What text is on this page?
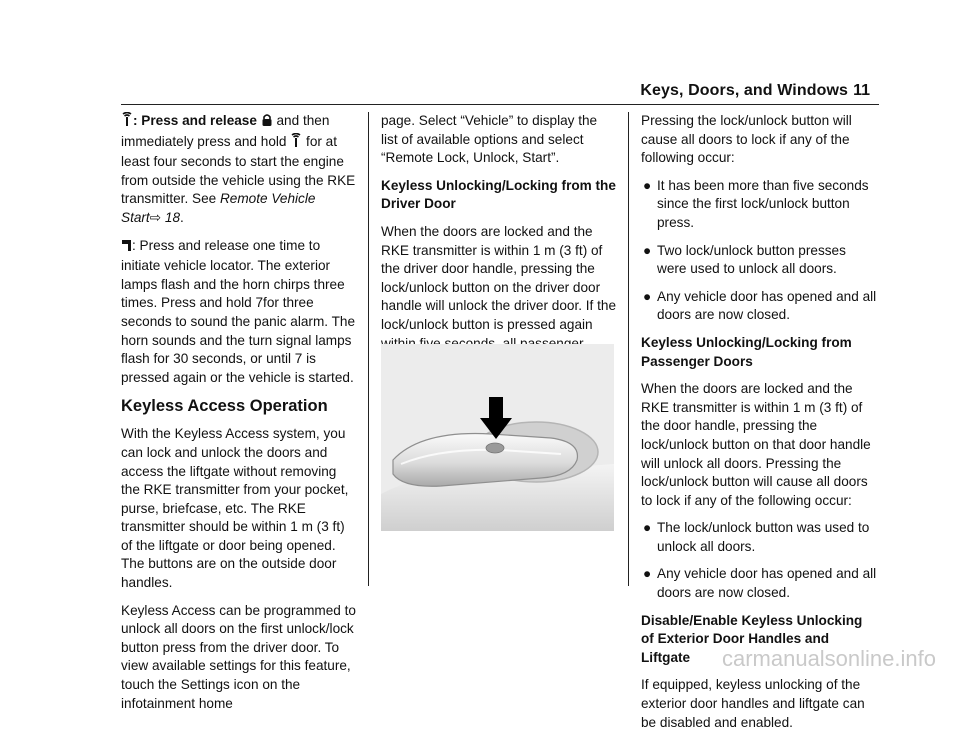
Keys, Doors, and Windows 11

: Press and release  and then immediately press and hold  for at least four seconds to start the engine from outside the vehicle using the RKE transmitter. See Remote Vehicle Start⇨ 18.

: Press and release one time to initiate vehicle locator. The exterior lamps flash and the horn chirps three times. Press and hold 7for three seconds to sound the panic alarm. The horn sounds and the turn signal lamps flash for 30 seconds, or until 7 is pressed again or the vehicle is started.

Keyless Access Operation

With the Keyless Access system, you can lock and unlock the doors and access the liftgate without removing the RKE transmitter from your pocket, purse, briefcase, etc. The RKE transmitter should be within 1 m (3 ft) of the liftgate or door being opened. The buttons are on the outside door handles.

Keyless Access can be programmed to unlock all doors on the first unlock/lock button press from the driver door. To view available settings for this feature, touch the Settings icon on the infotainment home

page. Select “Vehicle” to display the list of available options and select “Remote Lock, Unlock, Start”.

Keyless Unlocking/Locking from the Driver Door

When the doors are locked and the RKE transmitter is within 1 m (3 ft) of the driver door handle, pressing the lock/unlock button on the driver door handle will unlock the driver door. If the lock/unlock button is pressed again

Pressing the lock/unlock button will cause all doors to lock if any of the following occur:

● It has been more than five seconds since the first lock/unlock button press.
● Two lock/unlock button presses were used to unlock all doors.
● Any vehicle door has opened and all doors are now closed.

Keyless Unlocking/Locking from Passenger Doors

When the doors are locked and the RKE transmitter is within 1 m (3 ft) of the door handle, pressing the lock/unlock button on that door handle will unlock all doors. Pressing the lock/unlock button will cause all doors to lock if any of the following occur:

● The lock/unlock button was used to unlock all doors.
● Any vehicle door has opened and all doors are now closed.

Disable/Enable Keyless Unlocking of Exterior Door Handles and Liftgate

If equipped, keyless unlocking of the exterior door handles and liftgate can be disabled and enabled.

carmanualsonline.info
